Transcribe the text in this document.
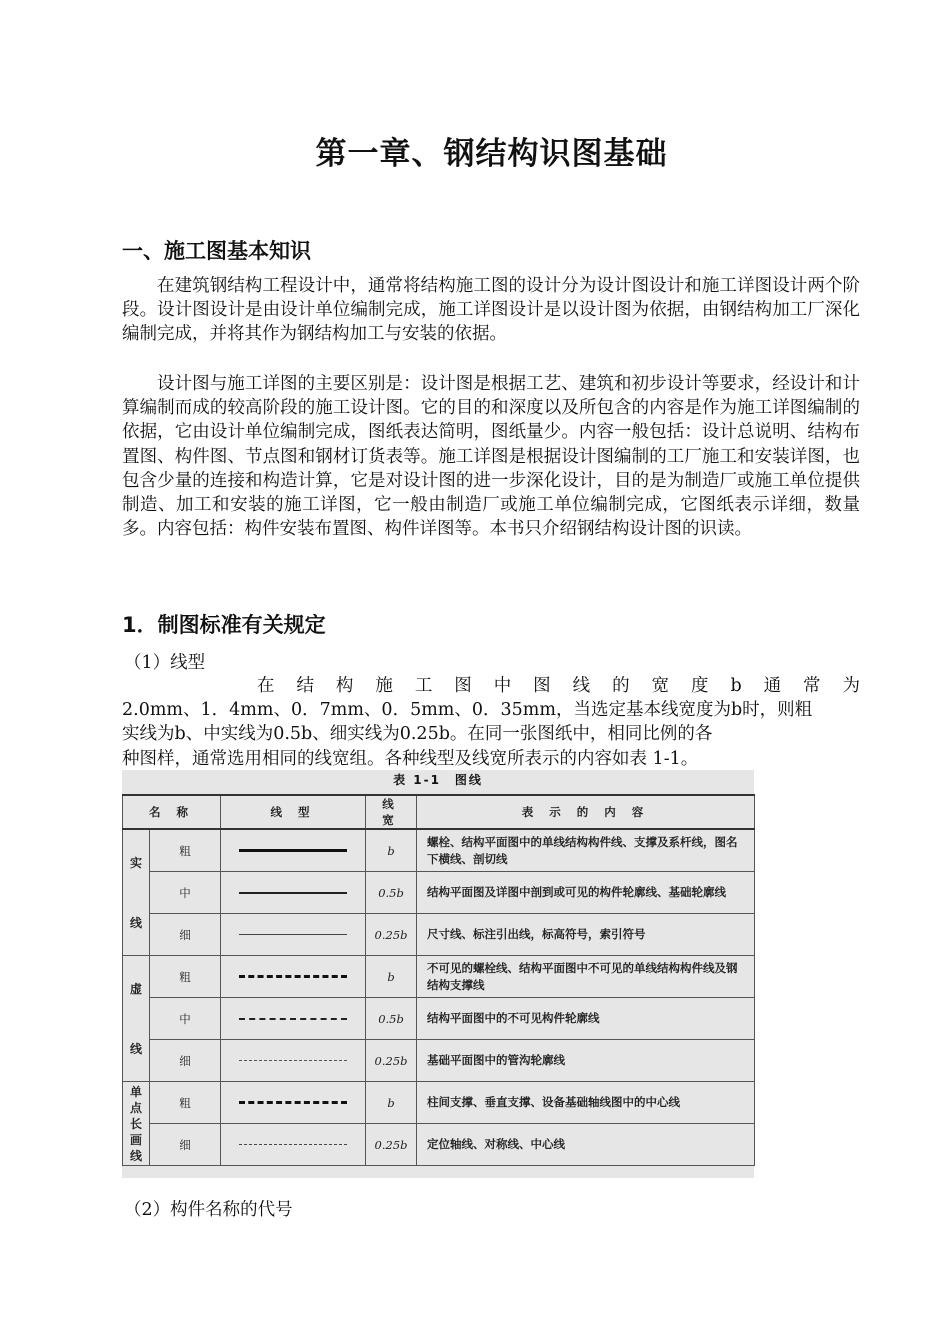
第一章、钢结构识图基础
一、施工图基本知识

在建筑钢结构工程设计中，通常将结构施工图的设计分为设计图设计和施工详图设计两个阶段。设计图设计是由设计单位编制完成，施工详图设计是以设计图为依据，由钢结构加工厂深化编制完成，并将其作为钢结构加工与安装的依据。

设计图与施工详图的主要区别是：设计图是根据工艺、建筑和初步设计等要求，经设计和计算编制而成的较高阶段的施工设计图。它的目的和深度以及所包含的内容是作为施工详图编制的依据，它由设计单位编制完成，图纸表达简明，图纸量少。内容一般包括：设计总说明、结构布置图、构件图、节点图和钢材订货表等。施工详图是根据设计图编制的工厂施工和安装详图，也包含少量的连接和构造计算，它是对设计图的进一步深化设计，目的是为制造厂或施工单位提供制造、加工和安装的施工详图，它一般由制造厂或施工单位编制完成，它图纸表示详细，数量多。内容包括：构件安装布置图、构件详图等。本书只介绍钢结构设计图的识读。

1．制图标准有关规定
（1）线型
在 结 构 施 工 图 中 图 线 的 宽 度 b 通 常 为
2.0mm、1．4mm、0．7mm、0．5mm、0．35mm，当选定基本线宽度为b时，则粗
实线为b、中实线为0.5b、细实线为0.25b。在同一张图纸中，相同比例的各
种图样，通常选用相同的线宽组。各种线型及线宽所表示的内容如表 1-1。
表 1-1　图线
名 称		线 型	线 宽	表 示 的 内 容
实

线	粗		b	螺栓、结构平面图中的单线结构构件线、支撑及系杆线，图名下横线、剖切线
	中		0.5b	结构平面图及详图中剖到或可见的构件轮廓线、基础轮廓线
	细		0.25b	尺寸线、标注引出线，标高符号，索引符号
虚

线	粗		b	不可见的螺栓线、结构平面图中不可见的单线结构构件线及钢结构支撑线
	中		0.5b	结构平面图中的不可见构件轮廓线
	细		0.25b	基础平面图中的管沟轮廓线
单点长画线	粗		b	柱间支撑、垂直支撑、设备基础轴线图中的中心线
	细		0.25b	定位轴线、对称线、中心线
（2）构件名称的代号
